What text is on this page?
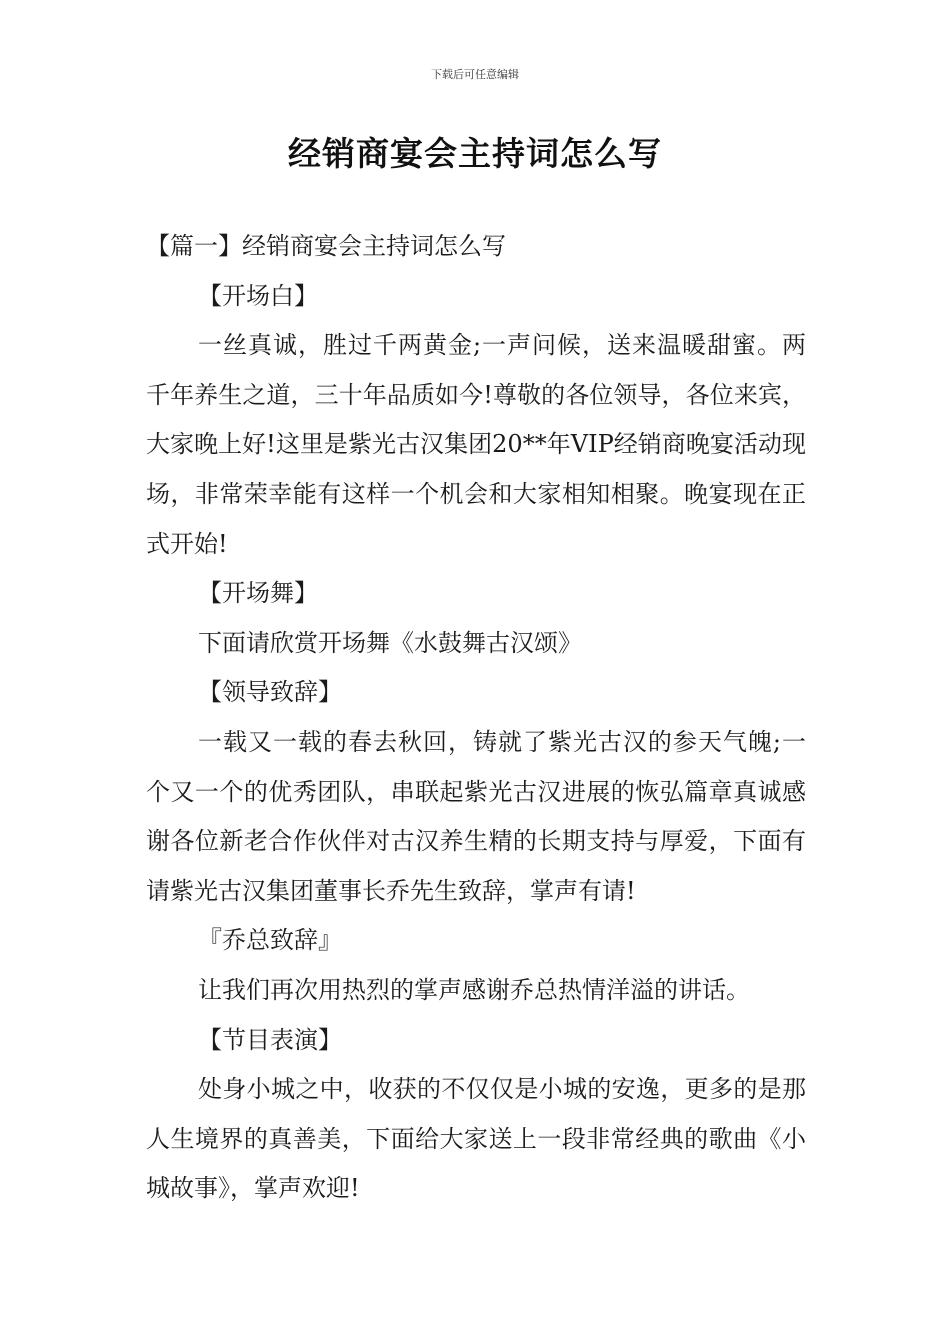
下载后可任意编辑
经销商宴会主持词怎么写

【篇一】经销商宴会主持词怎么写

【开场白】

一丝真诚，胜过千两黄金;一声问候，送来温暖甜蜜。两千年养生之道，三十年品质如今!尊敬的各位领导，各位来宾，大家晚上好!这里是紫光古汉集团20**年VIP经销商晚宴活动现场，非常荣幸能有这样一个机会和大家相知相聚。晚宴现在正式开始!

【开场舞】

下面请欣赏开场舞《水鼓舞古汉颂》

【领导致辞】

一载又一载的春去秋回，铸就了紫光古汉的参天气魄;一个又一个的优秀团队，串联起紫光古汉进展的恢弘篇章真诚感谢各位新老合作伙伴对古汉养生精的长期支持与厚爱，下面有请紫光古汉集团董事长乔先生致辞，掌声有请!

『乔总致辞』

让我们再次用热烈的掌声感谢乔总热情洋溢的讲话。

【节目表演】

处身小城之中，收获的不仅仅是小城的安逸，更多的是那人生境界的真善美，下面给大家送上一段非常经典的歌曲《小城故事》，掌声欢迎!
